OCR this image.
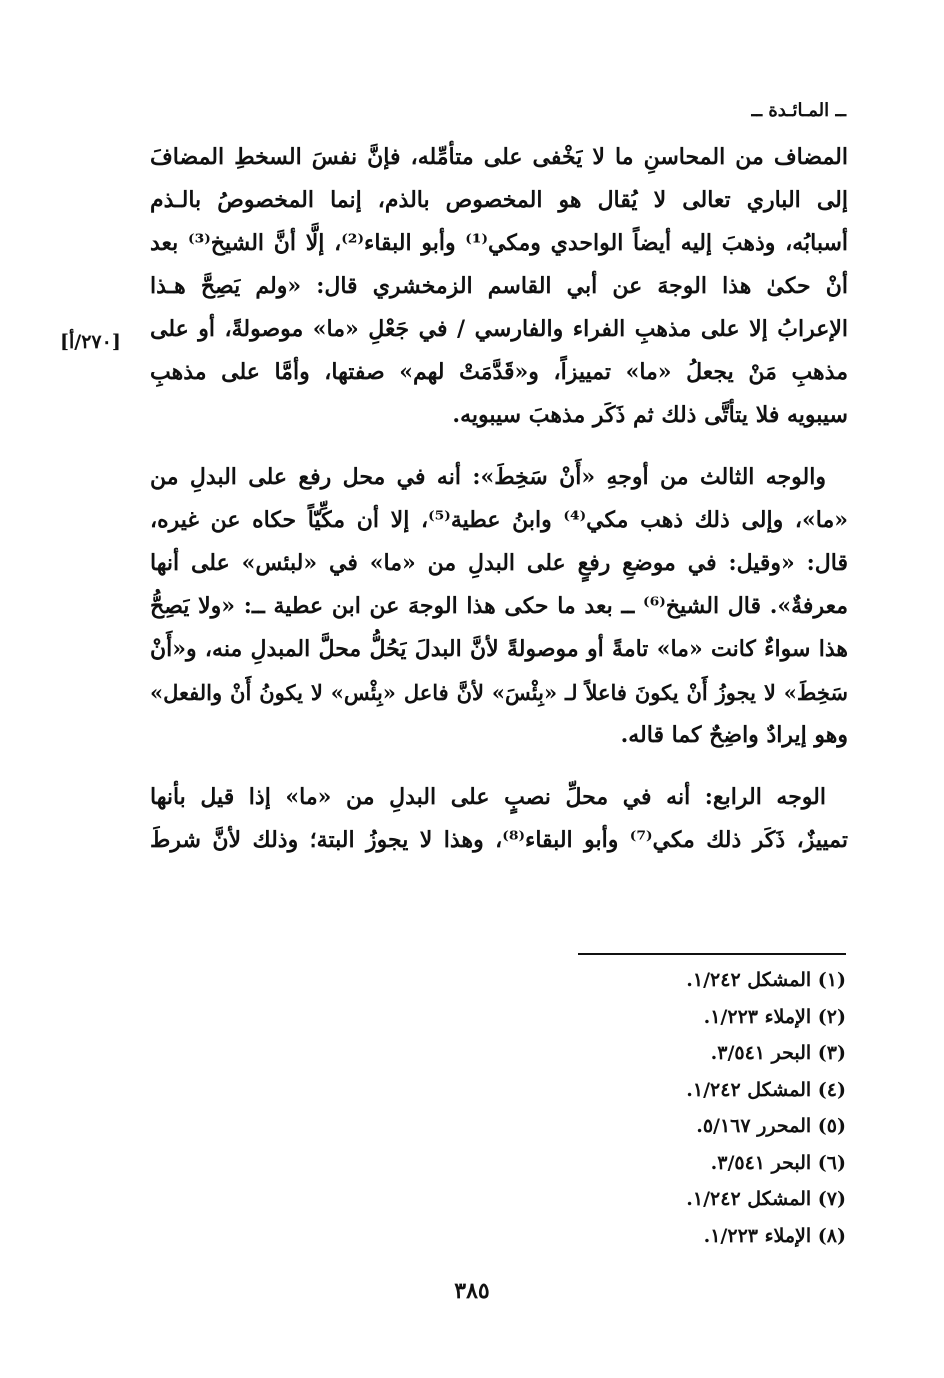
ــ المـائـدة ــ
[٢٧٠/أ]
المضاف من المحاسنِ ما لا يَخْفى على متأمِّله، فإنَّ نفسَ السخطِ المضافَ
إلى الباري تعالى لا يُقال هو المخصوص بالذم، إنما المخصوصُ بالـذم
أسبابُه، وذهبَ إليه أيضاً الواحدي ومكي⁽¹⁾ وأبو البقاء⁽²⁾، إلَّا أنَّ الشيخ⁽³⁾ بعد
أنْ حكىٰ هذا الوجهَ عن أبي القاسم الزمخشري قال: «ولم يَصِحَّ هـذا
الإعرابُ إلا على مذهبِ الفراء والفارسي / في جَعْلِ «ما» موصولةً، أو على
مذهبِ مَنْ يجعلُ «ما» تمييزاً، و«قَدَّمَتْ لهم» صفتها، وأمَّا على مذهبِ
سيبويه فلا يتأتَّى ذلك ثم ذَكَر مذهبَ سيبويه.
والوجه الثالث من أوجهِ «أَنْ سَخِطَ»: أنه في محل رفع على البدلِ من
«ما»، وإلى ذلك ذهب مكي⁽⁴⁾ وابنُ عطية⁽⁵⁾، إلا أن مكِّيّاً حكاه عن غيره،
قال: «وقيل: في موضعِ رفعٍ على البدلِ من «ما» في «لبئس» على أنها
معرفةٌ». قال الشيخ⁽⁶⁾ ــ بعد ما حكى هذا الوجهَ عن ابن عطية ــ: «ولا يَصِحُّ
هذا سواءٌ كانت «ما» تامةً أو موصولةً لأنَّ البدلَ يَحُلُّ محلَّ المبدلِ منه، و«أَنْ
سَخِطَ» لا يجوزُ أَنْ يكونَ فاعلاً لـ «بِئْسَ» لأنَّ فاعل «بِئْس» لا يكونُ أَنْ والفعل»
وهو إيرادٌ واضِحٌ كما قاله.
الوجه الرابع: أنه في محلِّ نصبٍ على البدلِ من «ما» إذا قيل بأنها
تمييزٌ، ذَكَر ذلك مكي⁽⁷⁾ وأبو البقاء⁽⁸⁾، وهذا لا يجوزُ البتة؛ وذلك لأنَّ شرطَ
(١) المشكل ١/٢٤٢.
(٢) الإملاء ١/٢٢٣.
(٣) البحر ٣/٥٤١.
(٤) المشكل ١/٢٤٢.
(٥) المحرر ٥/١٦٧.
(٦) البحر ٣/٥٤١.
(٧) المشكل ١/٢٤٢.
(٨) الإملاء ١/٢٢٣.
٣٨٥
